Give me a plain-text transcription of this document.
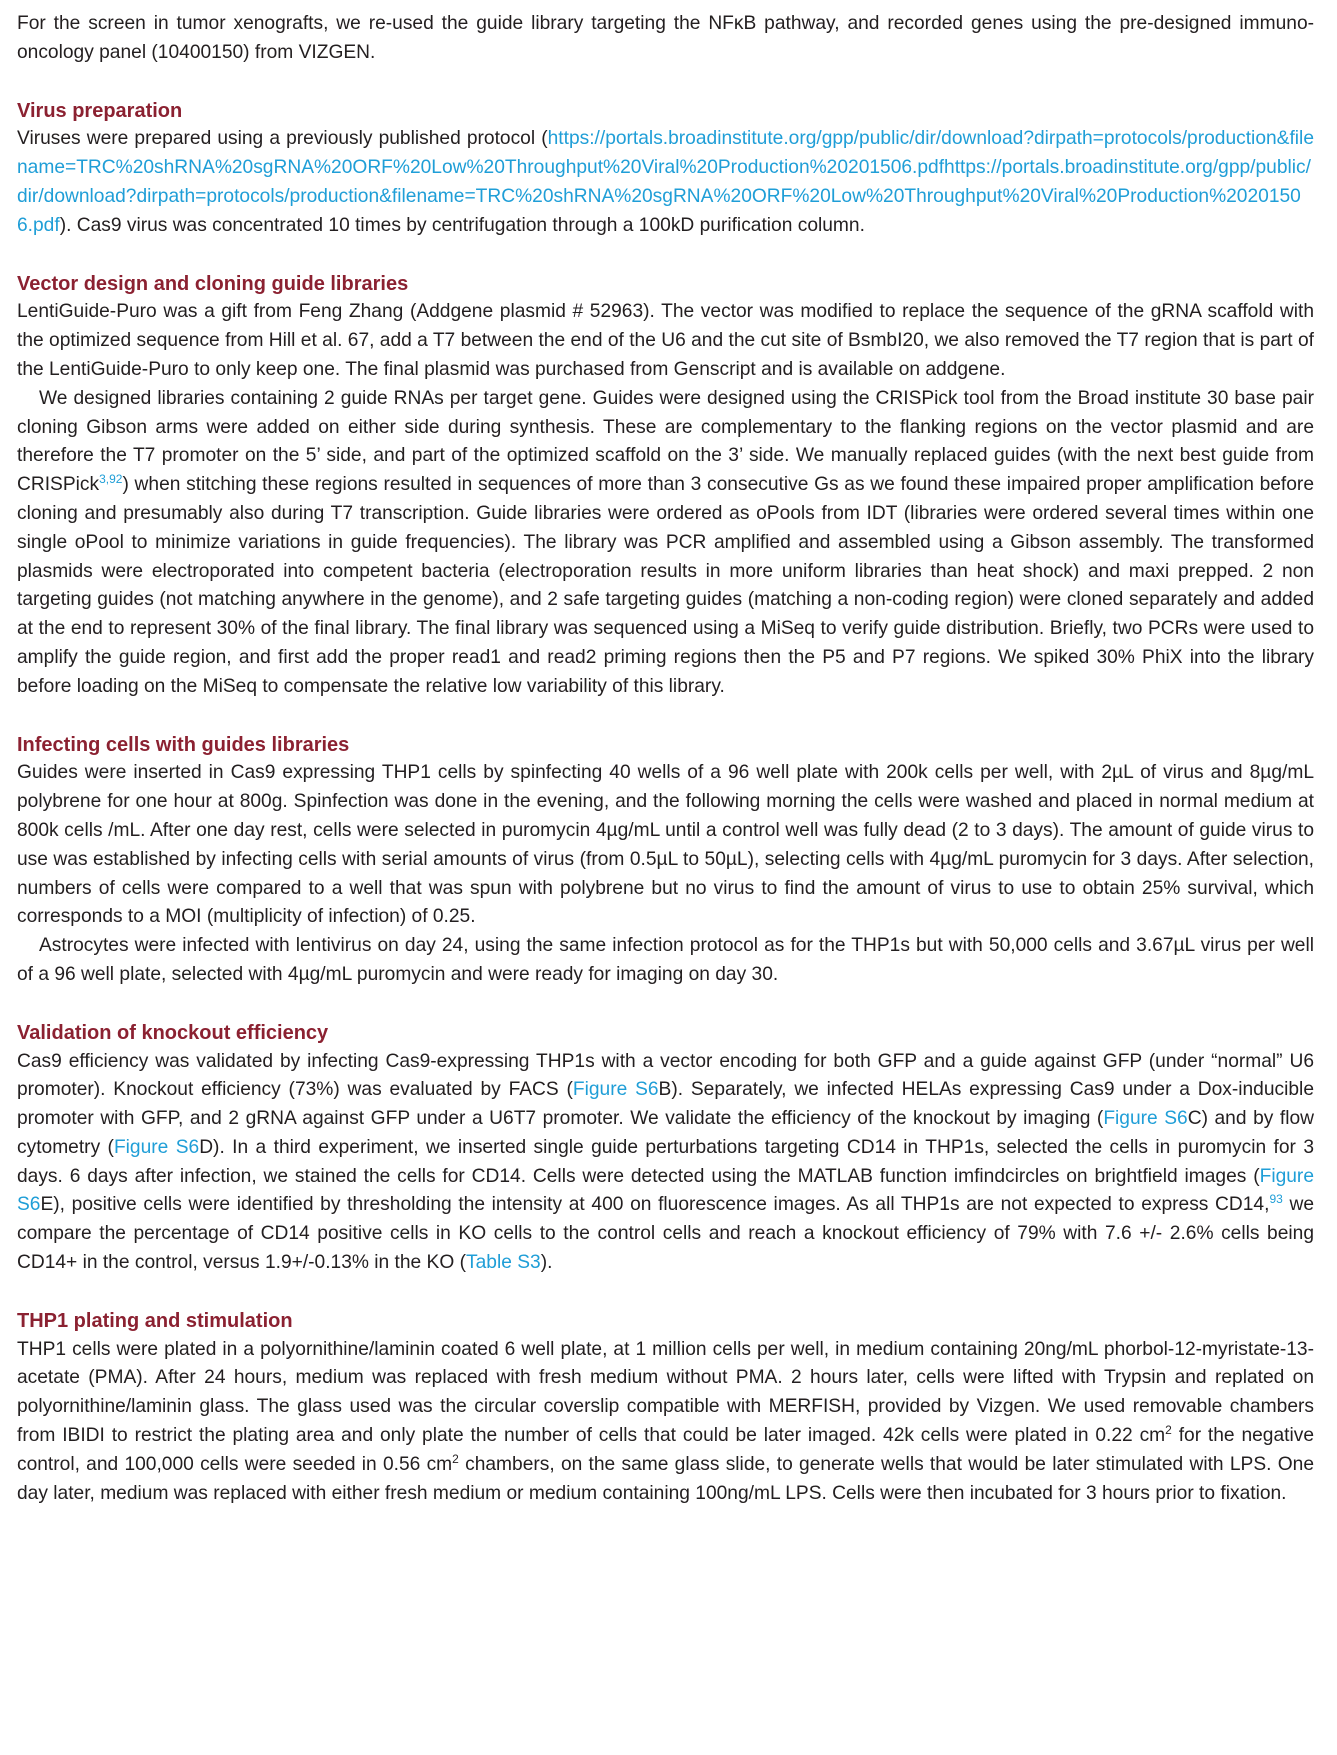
For the screen in tumor xenografts, we re-used the guide library targeting the NFκB pathway, and recorded genes using the pre-designed immuno-oncology panel (10400150) from VIZGEN.

Virus preparation

Viruses were prepared using a previously published protocol (https://portals.broadinstitute.org/gpp/public/dir/download?dirpath=protocols/production&filename=TRC%20shRNA%20sgRNA%20ORF%20Low%20Throughput%20Viral%20Production%20201506.pdfhttps://portals.broadinstitute.org/gpp/public/dir/download?dirpath=protocols/production&filename=TRC%20shRNA%20sgRNA%20ORF%20Low%20Throughput%20Viral%20Production%20201506.pdf). Cas9 virus was concentrated 10 times by centrifugation through a 100kD purification column.

Vector design and cloning guide libraries

LentiGuide-Puro was a gift from Feng Zhang (Addgene plasmid # 52963). The vector was modified to replace the sequence of the gRNA scaffold with the optimized sequence from Hill et al. 67, add a T7 between the end of the U6 and the cut site of BsmbI20, we also removed the T7 region that is part of the LentiGuide-Puro to only keep one. The final plasmid was purchased from Genscript and is available on addgene.

We designed libraries containing 2 guide RNAs per target gene. Guides were designed using the CRISPick tool from the Broad institute 30 base pair cloning Gibson arms were added on either side during synthesis. These are complementary to the flanking regions on the vector plasmid and are therefore the T7 promoter on the 5’ side, and part of the optimized scaffold on the 3’ side. We manually replaced guides (with the next best guide from CRISPick$^{3,92}$) when stitching these regions resulted in sequences of more than 3 consecutive Gs as we found these impaired proper amplification before cloning and presumably also during T7 transcription. Guide libraries were ordered as oPools from IDT (libraries were ordered several times within one single oPool to minimize variations in guide frequencies). The library was PCR amplified and assembled using a Gibson assembly. The transformed plasmids were electroporated into competent bacteria (electroporation results in more uniform libraries than heat shock) and maxi prepped. 2 non targeting guides (not matching anywhere in the genome), and 2 safe targeting guides (matching a non-coding region) were cloned separately and added at the end to represent 30% of the final library. The final library was sequenced using a MiSeq to verify guide distribution. Briefly, two PCRs were used to amplify the guide region, and first add the proper read1 and read2 priming regions then the P5 and P7 regions. We spiked 30% PhiX into the library before loading on the MiSeq to compensate the relative low variability of this library.

Infecting cells with guides libraries

Guides were inserted in Cas9 expressing THP1 cells by spinfecting 40 wells of a 96 well plate with 200k cells per well, with 2µL of virus and 8µg/mL polybrene for one hour at 800g. Spinfection was done in the evening, and the following morning the cells were washed and placed in normal medium at 800k cells /mL. After one day rest, cells were selected in puromycin 4µg/mL until a control well was fully dead (2 to 3 days). The amount of guide virus to use was established by infecting cells with serial amounts of virus (from 0.5µL to 50µL), selecting cells with 4µg/mL puromycin for 3 days. After selection, numbers of cells were compared to a well that was spun with polybrene but no virus to find the amount of virus to use to obtain 25% survival, which corresponds to a MOI (multiplicity of infection) of 0.25.

Astrocytes were infected with lentivirus on day 24, using the same infection protocol as for the THP1s but with 50,000 cells and 3.67µL virus per well of a 96 well plate, selected with 4µg/mL puromycin and were ready for imaging on day 30.

Validation of knockout efficiency

Cas9 efficiency was validated by infecting Cas9-expressing THP1s with a vector encoding for both GFP and a guide against GFP (under “normal” U6 promoter). Knockout efficiency (73%) was evaluated by FACS (Figure S6B). Separately, we infected HELAs expressing Cas9 under a Dox-inducible promoter with GFP, and 2 gRNA against GFP under a U6T7 promoter. We validate the efficiency of the knockout by imaging (Figure S6C) and by flow cytometry (Figure S6D). In a third experiment, we inserted single guide perturbations targeting CD14 in THP1s, selected the cells in puromycin for 3 days. 6 days after infection, we stained the cells for CD14. Cells were detected using the MATLAB function imfindcircles on brightfield images (Figure S6E), positive cells were identified by thresholding the intensity at 400 on fluorescence images. As all THP1s are not expected to express CD14,93 we compare the percentage of CD14 positive cells in KO cells to the control cells and reach a knockout efficiency of 79% with 7.6 +/- 2.6% cells being CD14+ in the control, versus 1.9+/-0.13% in the KO (Table S3).

THP1 plating and stimulation

THP1 cells were plated in a polyornithine/laminin coated 6 well plate, at 1 million cells per well, in medium containing 20ng/mL phorbol-12-myristate-13-acetate (PMA). After 24 hours, medium was replaced with fresh medium without PMA. 2 hours later, cells were lifted with Trypsin and replated on polyornithine/laminin glass. The glass used was the circular coverslip compatible with MERFISH, provided by Vizgen. We used removable chambers from IBIDI to restrict the plating area and only plate the number of cells that could be later imaged. 42k cells were plated in 0.22 $cm^2$ for the negative control, and 100,000 cells were seeded in 0.56 $cm^2$ chambers, on the same glass slide, to generate wells that would be later stimulated with LPS. One day later, medium was replaced with either fresh medium or medium containing 100ng/mL LPS. Cells were then incubated for 3 hours prior to fixation.
